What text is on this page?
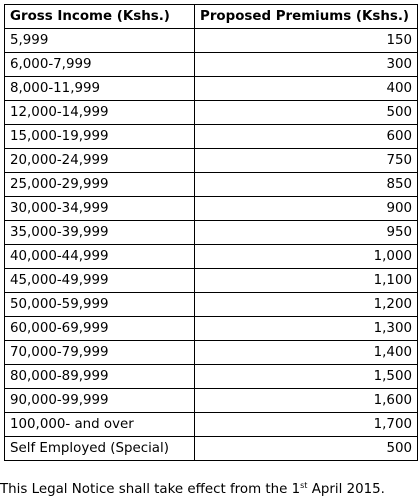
Gross Income (Kshs.)	Proposed Premiums (Kshs.)
5,999	150
6,000-7,999	300
8,000-11,999	400
12,000-14,999	500
15,000-19,999	600
20,000-24,999	750
25,000-29,999	850
30,000-34,999	900
35,000-39,999	950
40,000-44,999	1,000
45,000-49,999	1,100
50,000-59,999	1,200
60,000-69,999	1,300
70,000-79,999	1,400
80,000-89,999	1,500
90,000-99,999	1,600
100,000- and over	1,700
Self Employed (Special)	500
This Legal Notice shall take effect from the 1st April 2015.
